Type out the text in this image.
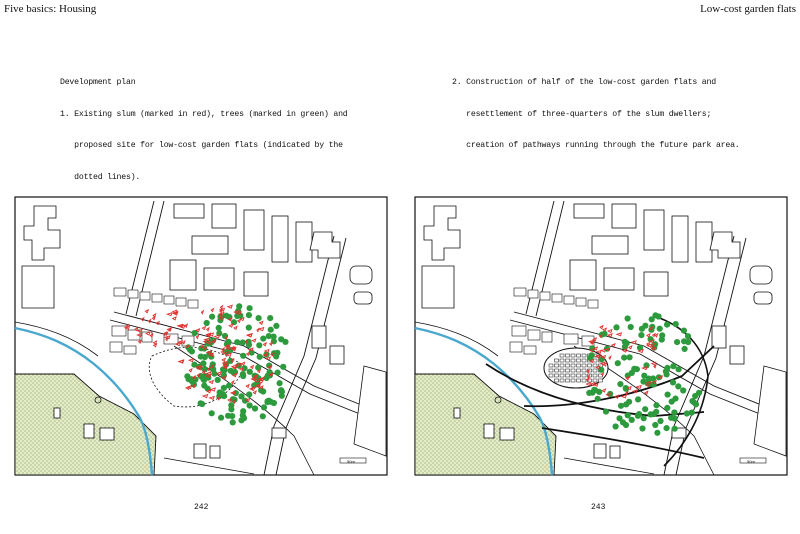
Five basics: Housing	Low-cost garden flats

Development plan

1. Existing slum (marked in red), trees (marked in green) and

proposed site for low-cost garden flats (indicated by the

dotted lines).

2. Construction of half of the low-cost garden flats and

resettlement of three-quarters of the slum dwellers;

creation of pathways running through the future park area.

50m	50m
242	243
